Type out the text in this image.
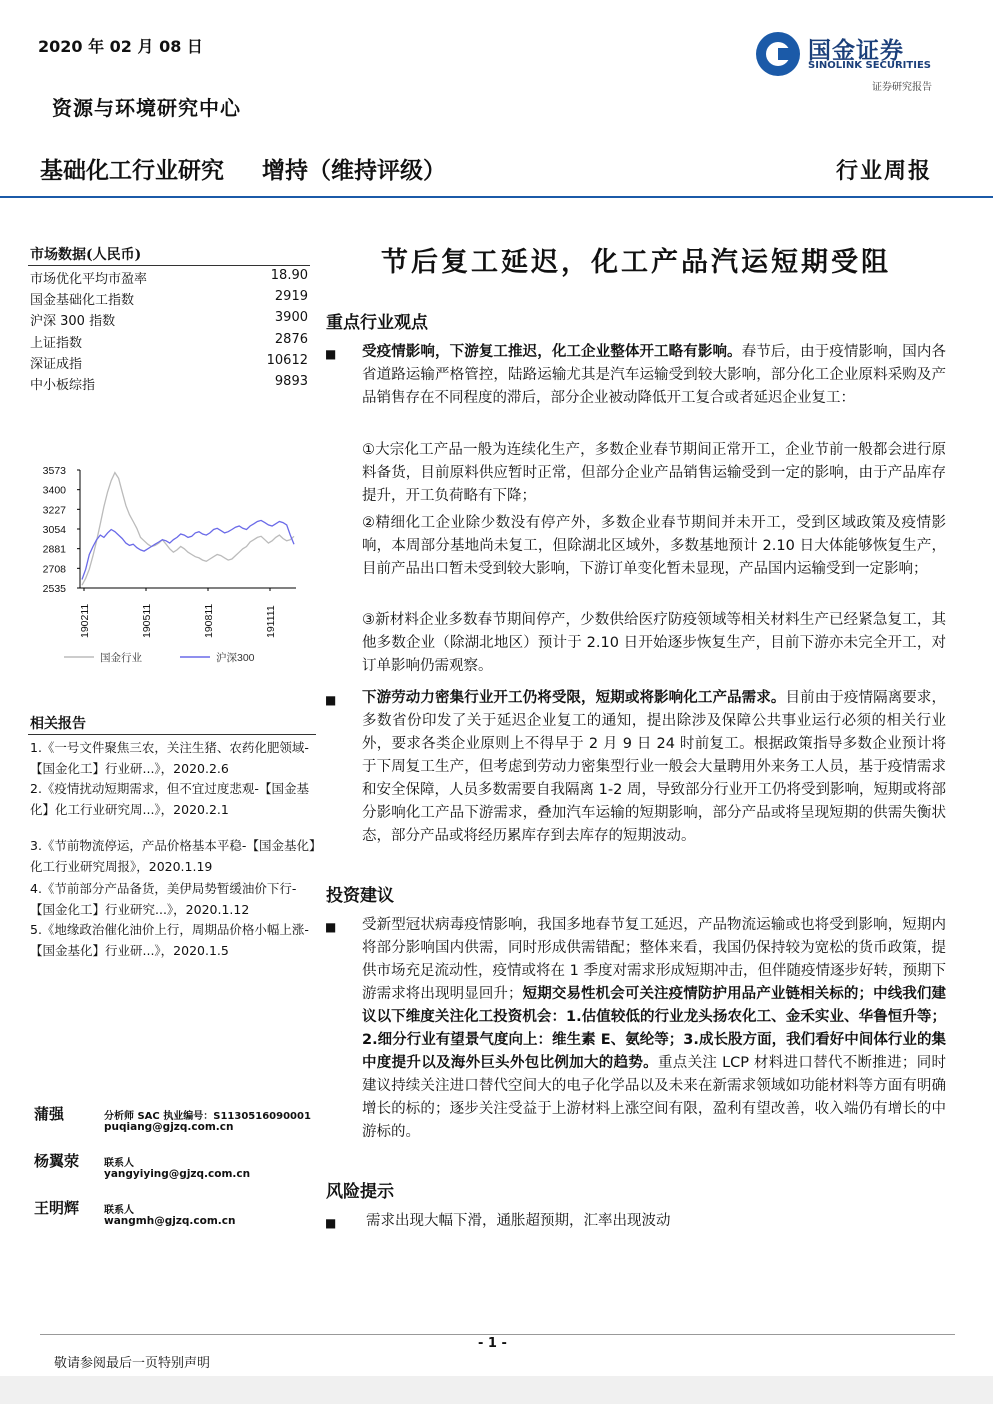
2020 年 02 月 08 日
资源与环境研究中心
国金证券
SINOLINK SECURITIES
证券研究报告
基础化工行业研究 增持（维持评级）	行业周报
市场数据(人民币)
市场优化平均市盈率	18.90
国金基础化工指数	2919
沪深 300 指数	3900
上证指数	2876
深证成指	10612
中小板综指	9893
3573
3400
3227
3054
2881
2708
2535
190211	190511	190811	191111
国金行业	沪深300
相关报告
1.《一号文件聚焦三农，关注生猪、农药化肥领域-【国金化工】行业研...》，2020.2.6
2.《疫情扰动短期需求，但不宜过度悲观-【国金基化】化工行业研究周...》，2020.2.1
3.《节前物流停运，产品价格基本平稳-【国金基化】化工行业研究周报》，2020.1.19
4.《节前部分产品备货，美伊局势暂缓油价下行-【国金化工】行业研究...》，2020.1.12
5.《地缘政治催化油价上行，周期品价格小幅上涨-【国金基化】行业研...》，2020.1.5
蒲强	分析师 SAC 执业编号：S1130516090001
puqiang@gjzq.com.cn
杨翼荥 联系人
yangyiying@gjzq.com.cn
王明辉 联系人
wangmh@gjzq.com.cn
节后复工延迟，化工产品汽运短期受阻
重点行业观点
■ 受疫情影响，下游复工推迟，化工企业整体开工略有影响。春节后，由于疫情影响，国内各省道路运输严格管控，陆路运输尤其是汽车运输受到较大影响，部分化工企业原料采购及产品销售存在不同程度的滞后，部分企业被动降低开工复合或者延迟企业复工：
①大宗化工产品一般为连续化生产，多数企业春节期间正常开工，企业节前一般都会进行原料备货，目前原料供应暂时正常，但部分企业产品销售运输受到一定的影响，由于产品库存提升，开工负荷略有下降；
②精细化工企业除少数没有停产外，多数企业春节期间并未开工，受到区域政策及疫情影响，本周部分基地尚未复工，但除湖北区域外，多数基地预计 2.10 日大体能够恢复生产，目前产品出口暂未受到较大影响，下游订单变化暂未显现，产品国内运输受到一定影响；
③新材料企业多数春节期间停产，少数供给医疗防疫领域等相关材料生产已经紧急复工，其他多数企业（除湖北地区）预计于 2.10 日开始逐步恢复生产，目前下游亦未完全开工，对订单影响仍需观察。
■ 下游劳动力密集行业开工仍将受限，短期或将影响化工产品需求。目前由于疫情隔离要求，多数省份印发了关于延迟企业复工的通知，提出除涉及保障公共事业运行必须的相关行业外，要求各类企业原则上不得早于 2 月 9 日 24 时前复工。根据政策指导多数企业预计将于下周复工生产，但考虑到劳动力密集型行业一般会大量聘用外来务工人员，基于疫情需求和安全保障，人员多数需要自我隔离 1-2 周，导致部分行业开工仍将受到影响，短期或将部分影响化工产品下游需求，叠加汽车运输的短期影响，部分产品或将呈现短期的供需失衡状态，部分产品或将经历累库存到去库存的短期波动。
投资建议
■ 受新型冠状病毒疫情影响，我国多地春节复工延迟，产品物流运输或也将受到影响，短期内将部分影响国内供需，同时形成供需错配；整体来看，我国仍保持较为宽松的货币政策，提供市场充足流动性，疫情或将在 1 季度对需求形成短期冲击，但伴随疫情逐步好转，预期下游需求将出现明显回升；短期交易性机会可关注疫情防护用品产业链相关标的；中线我们建议以下维度关注化工投资机会：1.估值较低的行业龙头扬农化工、金禾实业、华鲁恒升等；2.细分行业有望景气度向上：维生素 E、氨纶等；3.成长股方面，我们看好中间体行业的集中度提升以及海外巨头外包比例加大的趋势。重点关注 LCP 材料进口替代不断推进；同时建议持续关注进口替代空间大的电子化学品以及未来在新需求领域如功能材料等方面有明确增长的标的；逐步关注受益于上游材料上涨空间有限，盈利有望改善，收入端仍有增长的中游标的。
风险提示
■ 需求出现大幅下滑，通胀超预期，汇率出现波动
- 1 -
敬请参阅最后一页特别声明
